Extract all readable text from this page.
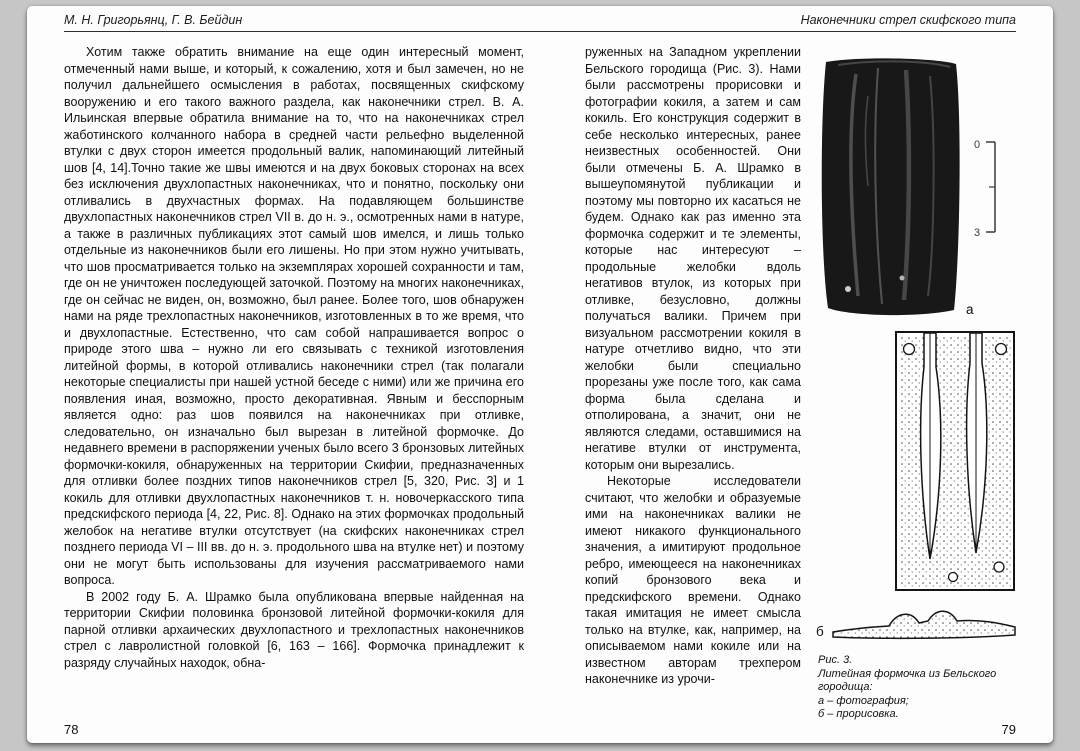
М. Н. Григорьянц, Г. В. Бейдин	Наконечники стрел скифского типа

Хотим также обратить внимание на еще один интересный момент, отмеченный нами выше, и который, к сожалению, хотя и был замечен, но не получил дальнейшего осмысления в работах, посвященных скифскому вооружению и его такого важного раздела, как наконечники стрел. В. А. Ильинская впервые обратила внимание на то, что на наконечниках стрел жаботинского колчанного набора в средней части рельефно выделенной втулки с двух сторон имеется продольный валик, напоминающий литейный шов [4, 14].Точно такие же швы имеются и на двух боковых сторонах на всех без исключения двухлопастных наконечниках, что и понятно, поскольку они отливались в двухчастных формах. На подавляющем большинстве двухлопастных наконечников стрел VII в. до н. э., осмотренных нами в натуре, а также в различных публикациях этот самый шов имелся, и лишь только отдельные из наконечников были его лишены. Но при этом нужно учитывать, что шов просматривается только на экземплярах хорошей сохранности и там, где он не уничтожен последующей заточкой. Поэтому на многих наконечниках, где он сейчас не виден, он, возможно, был ранее. Более того, шов обнаружен нами на ряде трехлопастных наконечников, изготовленных в то же время, что и двухлопастные. Естественно, что сам собой напрашивается вопрос о природе этого шва – нужно ли его связывать с техникой изготовления литейной формы, в которой отливались наконечники стрел (так полагали некоторые специалисты при нашей устной беседе с ними) или же причина его появления иная, возможно, просто декоративная. Явным и бесспорным является одно: раз шов появился на наконечниках при отливке, следовательно, он изначально был вырезан в литейной формочке. До недавнего времени в распоряжении ученых было всего 3 бронзовых литейных формочки-кокиля, обнаруженных на территории Скифии, предназначенных для отливки более поздних типов наконечников стрел [5, 320, Рис. 3] и 1 кокиль для отливки двухлопастных наконечников т. н. новочеркасского типа предскифского периода [4, 22, Рис. 8]. Однако на этих формочках продольный желобок на негативе втулки отсутствует (на скифских наконечниках стрел позднего периода VI – III вв. до н. э. продольного шва на втулке нет) и поэтому они не могут быть использованы для изучения рассматриваемого нами вопроса.

В 2002 году Б. А. Шрамко была опубликована впервые найденная на территории Скифии половинка бронзовой литейной формочки-кокиля для парной отливки архаических двухлопастного и трехлопастных наконечников стрел с лавролистной головкой [6, 163 – 166]. Формочка принадлежит к разряду случайных находок, обна-

78

руженных на Западном укреплении Бельского городища (Рис. 3). Нами были рассмотрены прорисовки и фотографии кокиля, а затем и сам кокиль. Его конструкция содержит в себе несколько интересных, ранее неизвестных особенностей. Они были отмечены Б. А. Шрамко в вышеупомянутой публикации и поэтому мы повторно их касаться не будем. Однако как раз именно эта формочка содержит и те элементы, которые нас интересуют – продольные желобки вдоль негативов втулок, из которых при отливке, безусловно, должны получаться валики. Причем при визуальном рассмотрении кокиля в натуре отчетливо видно, что эти желобки были специально прорезаны уже после того, как сама форма была сделана и отполирована, а значит, они не являются следами, оставшимися на негативе втулки от инструмента, которым они вырезались.

Некоторые исследователи считают, что желобки и образуемые ими на наконечниках валики не имеют никакого функционального значения, а имитируют продольное ребро, имеющееся на наконечниках копий бронзового века и предскифского времени. Однако такая имитация не имеет смысла только на втулке, как, например, на описываемом нами кокиле или на известном авторам трехпером наконечнике из урочи-

79
0
3
а
б
Рис. 3.
Литейная формочка из Бельского городища:
а – фотография;
б – прорисовка.
